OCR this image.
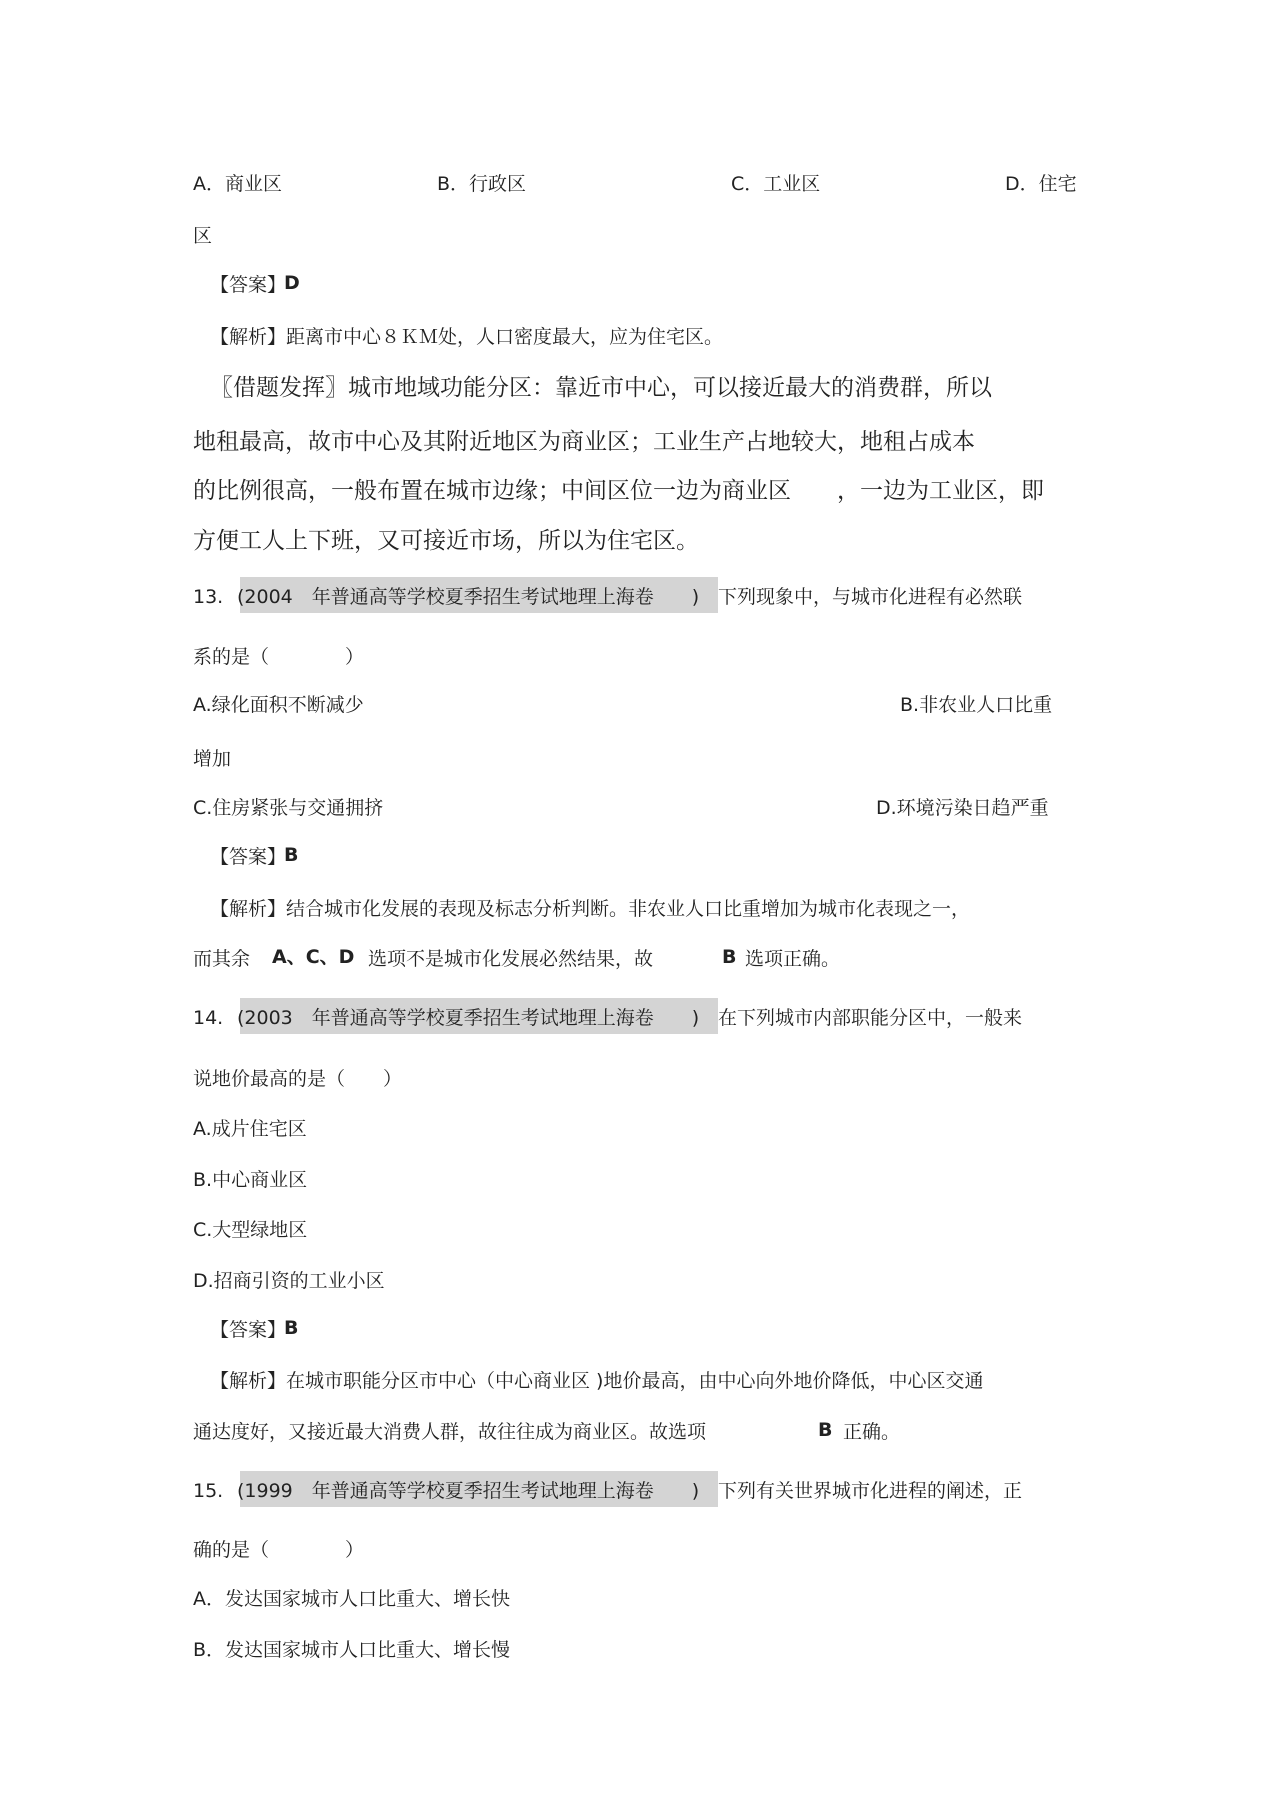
A．商业区	B．行政区	C．工业区	D．住宅
区
【答案】
D
【解析】距离市中心８ＫＭ处，人口密度最大，应为住宅区。
〖借题发挥〗城市地域功能分区：靠近市中心，可以接近最大的消费群，所以
地租最高，故市中心及其附近地区为商业区；工业生产占地较大，地租占成本
的比例很高，一般布置在城市边缘；中间区位一边为商业区　　，一边为工业区，即
方便工人上下班，又可接近市场，所以为住宅区。
13. (2004　年普通高等学校夏季招生考试地理上海卷　　) 下列现象中，与城市化进程有必然联
系的是（　　　　）
A.绿化面积不断减少	B.非农业人口比重
增加
C.住房紧张与交通拥挤	D.环境污染日趋严重
【答案】
B
【解析】结合城市化发展的表现及标志分析判断。非农业人口比重增加为城市化表现之一，
而其余 A、C、D 选项不是城市化发展必然结果，故	B 选项正确。
14. (2003　年普通高等学校夏季招生考试地理上海卷　　) 在下列城市内部职能分区中，一般来
说地价最高的是（　　）
A.成片住宅区
B.中心商业区
C.大型绿地区
D.招商引资的工业小区
【答案】
B
【解析】在城市职能分区市中心（中心商业区 )地价最高，由中心向外地价降低，中心区交通
通达度好，又接近最大消费人群，故往往成为商业区。故选项	B 正确。
15. (1999　年普通高等学校夏季招生考试地理上海卷　　) 下列有关世界城市化进程的阐述，正
确的是（　　　　）
A．发达国家城市人口比重大、增长快
B．发达国家城市人口比重大、增长慢
